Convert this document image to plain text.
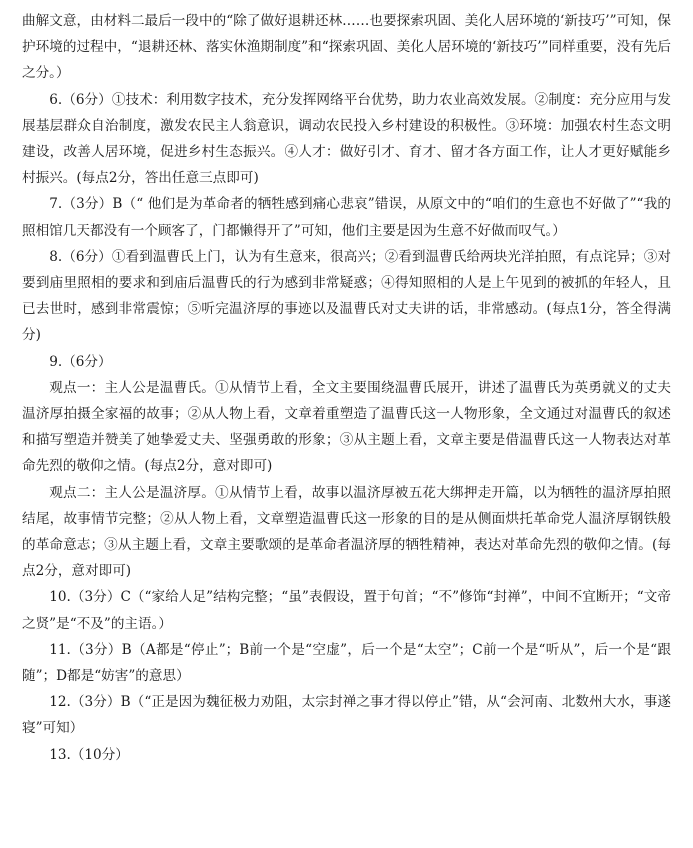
曲解文意，由材料二最后一段中的“除了做好退耕还林……也要探索巩固、美化人居环境的‘新技巧’”可知，保护环境的过程中，“退耕还林、落实休渔期制度”和“探索巩固、美化人居环境的‘新技巧’”同样重要，没有先后之分。）

6.（6分）①技术：利用数字技术，充分发挥网络平台优势，助力农业高效发展。②制度：充分应用与发展基层群众自治制度，激发农民主人翁意识，调动农民投入乡村建设的积极性。③环境：加强农村生态文明建设，改善人居环境，促进乡村生态振兴。④人才：做好引才、育才、留才各方面工作，让人才更好赋能乡村振兴。(每点2分，答出任意三点即可)

7.（3分）B（“ 他们是为革命者的牺牲感到痛心悲哀”错误，从原文中的“咱们的生意也不好做了”“我的照相馆几天都没有一个顾客了，门都懒得开了”可知，他们主要是因为生意不好做而叹气。）

8.（6分）①看到温曹氏上门，认为有生意来，很高兴；②看到温曹氏给两块光洋拍照，有点诧异；③对要到庙里照相的要求和到庙后温曹氏的行为感到非常疑惑；④得知照相的人是上午见到的被抓的年轻人，且已去世时，感到非常震惊；⑤听完温济厚的事迹以及温曹氏对丈夫讲的话，非常感动。(每点1分，答全得满分)

9.（6分）

观点一：主人公是温曹氏。①从情节上看，全文主要围绕温曹氏展开，讲述了温曹氏为英勇就义的丈夫温济厚拍摄全家福的故事；②从人物上看，文章着重塑造了温曹氏这一人物形象，全文通过对温曹氏的叙述和描写塑造并赞美了她挚爱丈夫、坚强勇敢的形象；③从主题上看，文章主要是借温曹氏这一人物表达对革命先烈的敬仰之情。(每点2分，意对即可)

观点二：主人公是温济厚。①从情节上看，故事以温济厚被五花大绑押走开篇，以为牺牲的温济厚拍照结尾，故事情节完整；②从人物上看，文章塑造温曹氏这一形象的目的是从侧面烘托革命党人温济厚钢铁般的革命意志；③从主题上看，文章主要歌颂的是革命者温济厚的牺牲精神，表达对革命先烈的敬仰之情。(每点2分，意对即可)

10.（3分）C（“家给人足”结构完整；“虽”表假设，置于句首；“不”修饰“封禅”，中间不宜断开；“文帝之贤”是“不及”的主语。）

11.（3分）B（A都是“停止”；B前一个是“空虚”，后一个是“太空”；C前一个是“听从”，后一个是“跟随”；D都是“妨害”的意思）

12.（3分）B（“正是因为魏征极力劝阻，太宗封禅之事才得以停止”错，从“会河南、北数州大水，事遂寝”可知）

13.（10分）
